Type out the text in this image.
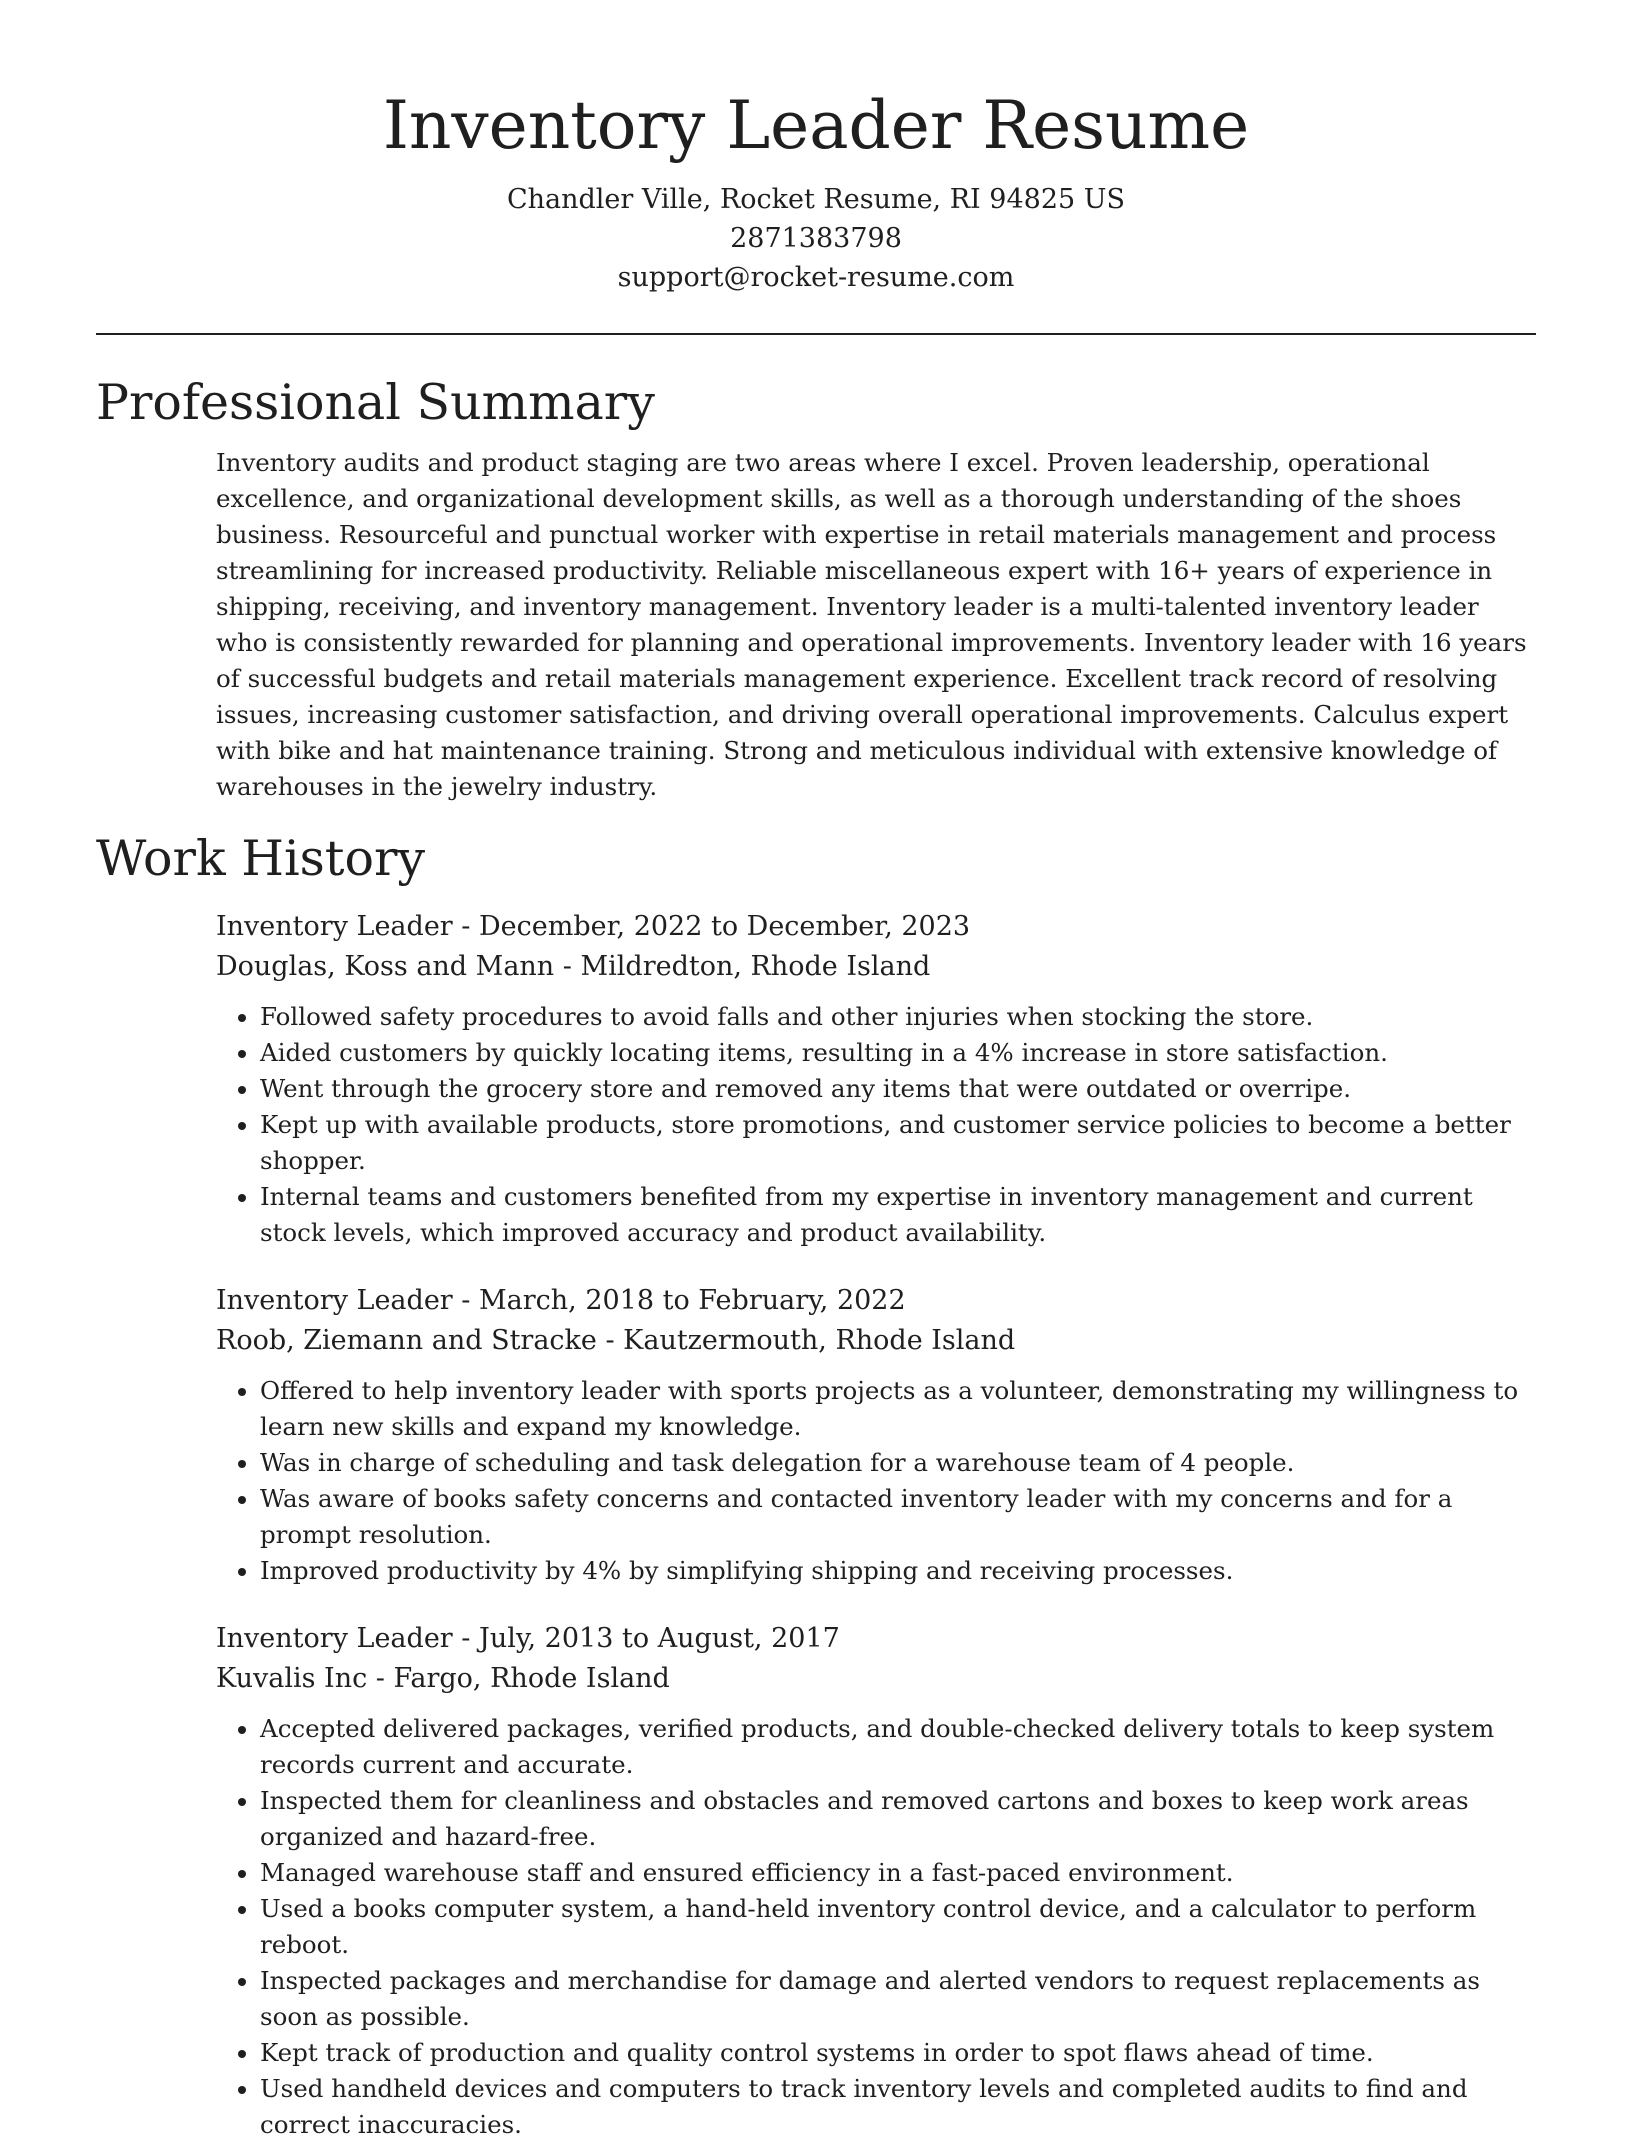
Inventory Leader Resume
Chandler Ville, Rocket Resume, RI 94825 US
2871383798
support@rocket-resume.com
Professional Summary
Inventory audits and product staging are two areas where I excel. Proven leadership, operational excellence, and organizational development skills, as well as a thorough understanding of the shoes business. Resourceful and punctual worker with expertise in retail materials management and process streamlining for increased productivity. Reliable miscellaneous expert with 16+ years of experience in shipping, receiving, and inventory management. Inventory leader is a multi-talented inventory leader who is consistently rewarded for planning and operational improvements. Inventory leader with 16 years of successful budgets and retail materials management experience. Excellent track record of resolving issues, increasing customer satisfaction, and driving overall operational improvements. Calculus expert with bike and hat maintenance training. Strong and meticulous individual with extensive knowledge of warehouses in the jewelry industry.
Work History
Inventory Leader - December, 2022 to December, 2023
Douglas, Koss and Mann - Mildredton, Rhode Island
• Followed safety procedures to avoid falls and other injuries when stocking the store.
• Aided customers by quickly locating items, resulting in a 4% increase in store satisfaction.
• Went through the grocery store and removed any items that were outdated or overripe.
• Kept up with available products, store promotions, and customer service policies to become a better shopper.
• Internal teams and customers benefited from my expertise in inventory management and current stock levels, which improved accuracy and product availability.
Inventory Leader - March, 2018 to February, 2022
Roob, Ziemann and Stracke - Kautzermouth, Rhode Island
• Offered to help inventory leader with sports projects as a volunteer, demonstrating my willingness to learn new skills and expand my knowledge.
• Was in charge of scheduling and task delegation for a warehouse team of 4 people.
• Was aware of books safety concerns and contacted inventory leader with my concerns and for a prompt resolution.
• Improved productivity by 4% by simplifying shipping and receiving processes.
Inventory Leader - July, 2013 to August, 2017
Kuvalis Inc - Fargo, Rhode Island
• Accepted delivered packages, verified products, and double-checked delivery totals to keep system records current and accurate.
• Inspected them for cleanliness and obstacles and removed cartons and boxes to keep work areas organized and hazard-free.
• Managed warehouse staff and ensured efficiency in a fast-paced environment.
• Used a books computer system, a hand-held inventory control device, and a calculator to perform reboot.
• Inspected packages and merchandise for damage and alerted vendors to request replacements as soon as possible.
• Kept track of production and quality control systems in order to spot flaws ahead of time.
• Used handheld devices and computers to track inventory levels and completed audits to find and correct inaccuracies.
